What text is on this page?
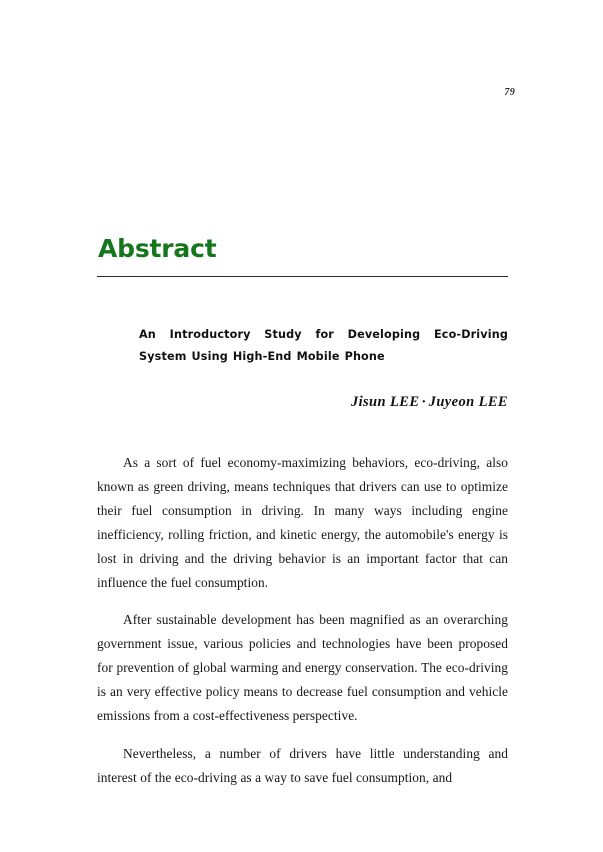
79
Abstract
An Introductory Study for Developing Eco-Driving System Using High-End Mobile Phone
Jisun LEE · Juyeon LEE

As a sort of fuel economy-maximizing behaviors, eco-driving, also known as green driving, means techniques that drivers can use to optimize their fuel consumption in driving. In many ways including engine inefficiency, rolling friction, and kinetic energy, the automobile's energy is lost in driving and the driving behavior is an important factor that can influence the fuel consumption.

After sustainable development has been magnified as an overarching government issue, various policies and technologies have been proposed for prevention of global warming and energy conservation. The eco-driving is an very effective policy means to decrease fuel consumption and vehicle emissions from a cost-effectiveness perspective.

Nevertheless, a number of drivers have little understanding and interest of the eco-driving as a way to save fuel consumption, and
